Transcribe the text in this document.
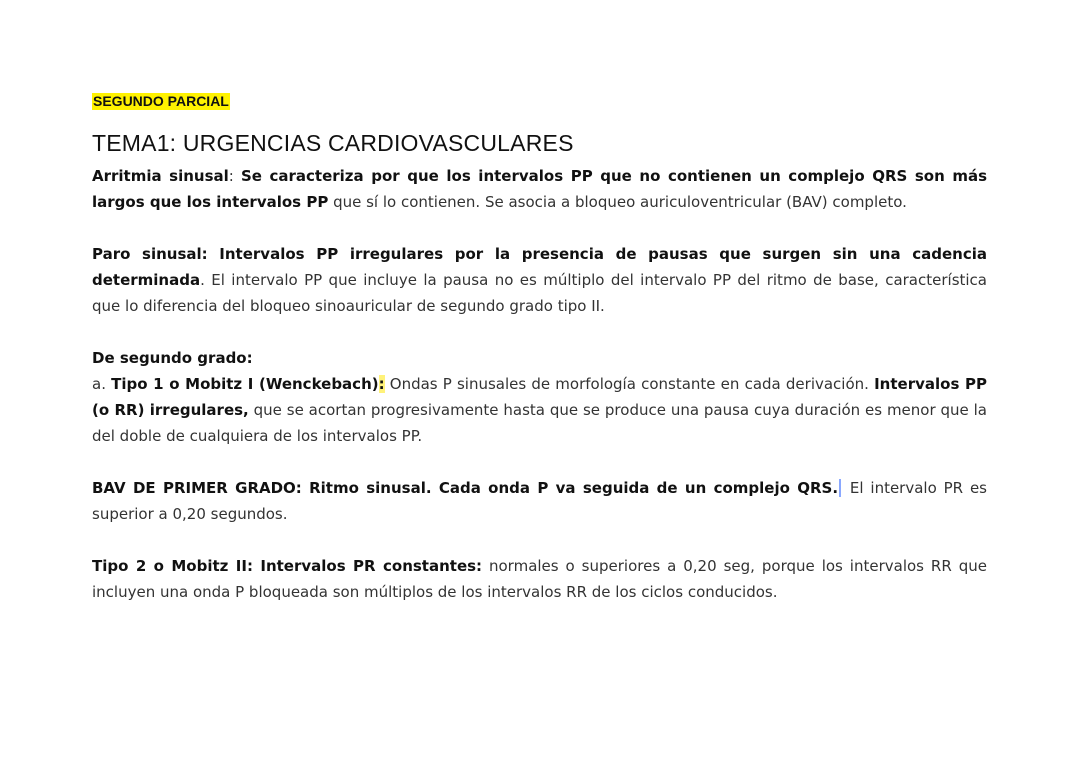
SEGUNDO PARCIAL
TEMA1: URGENCIAS CARDIOVASCULARES

Arritmia sinusal: Se caracteriza por que los intervalos PP que no contienen un complejo QRS son más largos que los intervalos PP que sí lo contienen. Se asocia a bloqueo auriculoventricular (BAV) completo.

Paro sinusal: Intervalos PP irregulares por la presencia de pausas que surgen sin una cadencia determinada. El intervalo PP que incluye la pausa no es múltiplo del intervalo PP del ritmo de base, característica que lo diferencia del bloqueo sinoauricular de segundo grado tipo II.

De segundo grado:
a. Tipo 1 o Mobitz I (Wenckebach): Ondas P sinusales de morfología constante en cada derivación. Intervalos PP (o RR) irregulares, que se acortan progresivamente hasta que se produce una pausa cuya duración es menor que la del doble de cualquiera de los intervalos PP.

BAV DE PRIMER GRADO: Ritmo sinusal. Cada onda P va seguida de un complejo QRS. El intervalo PR es superior a 0,20 segundos.

Tipo 2 o Mobitz II: Intervalos PR constantes: normales o superiores a 0,20 seg, porque los intervalos RR que incluyen una onda P bloqueada son múltiplos de los intervalos RR de los ciclos conducidos.
